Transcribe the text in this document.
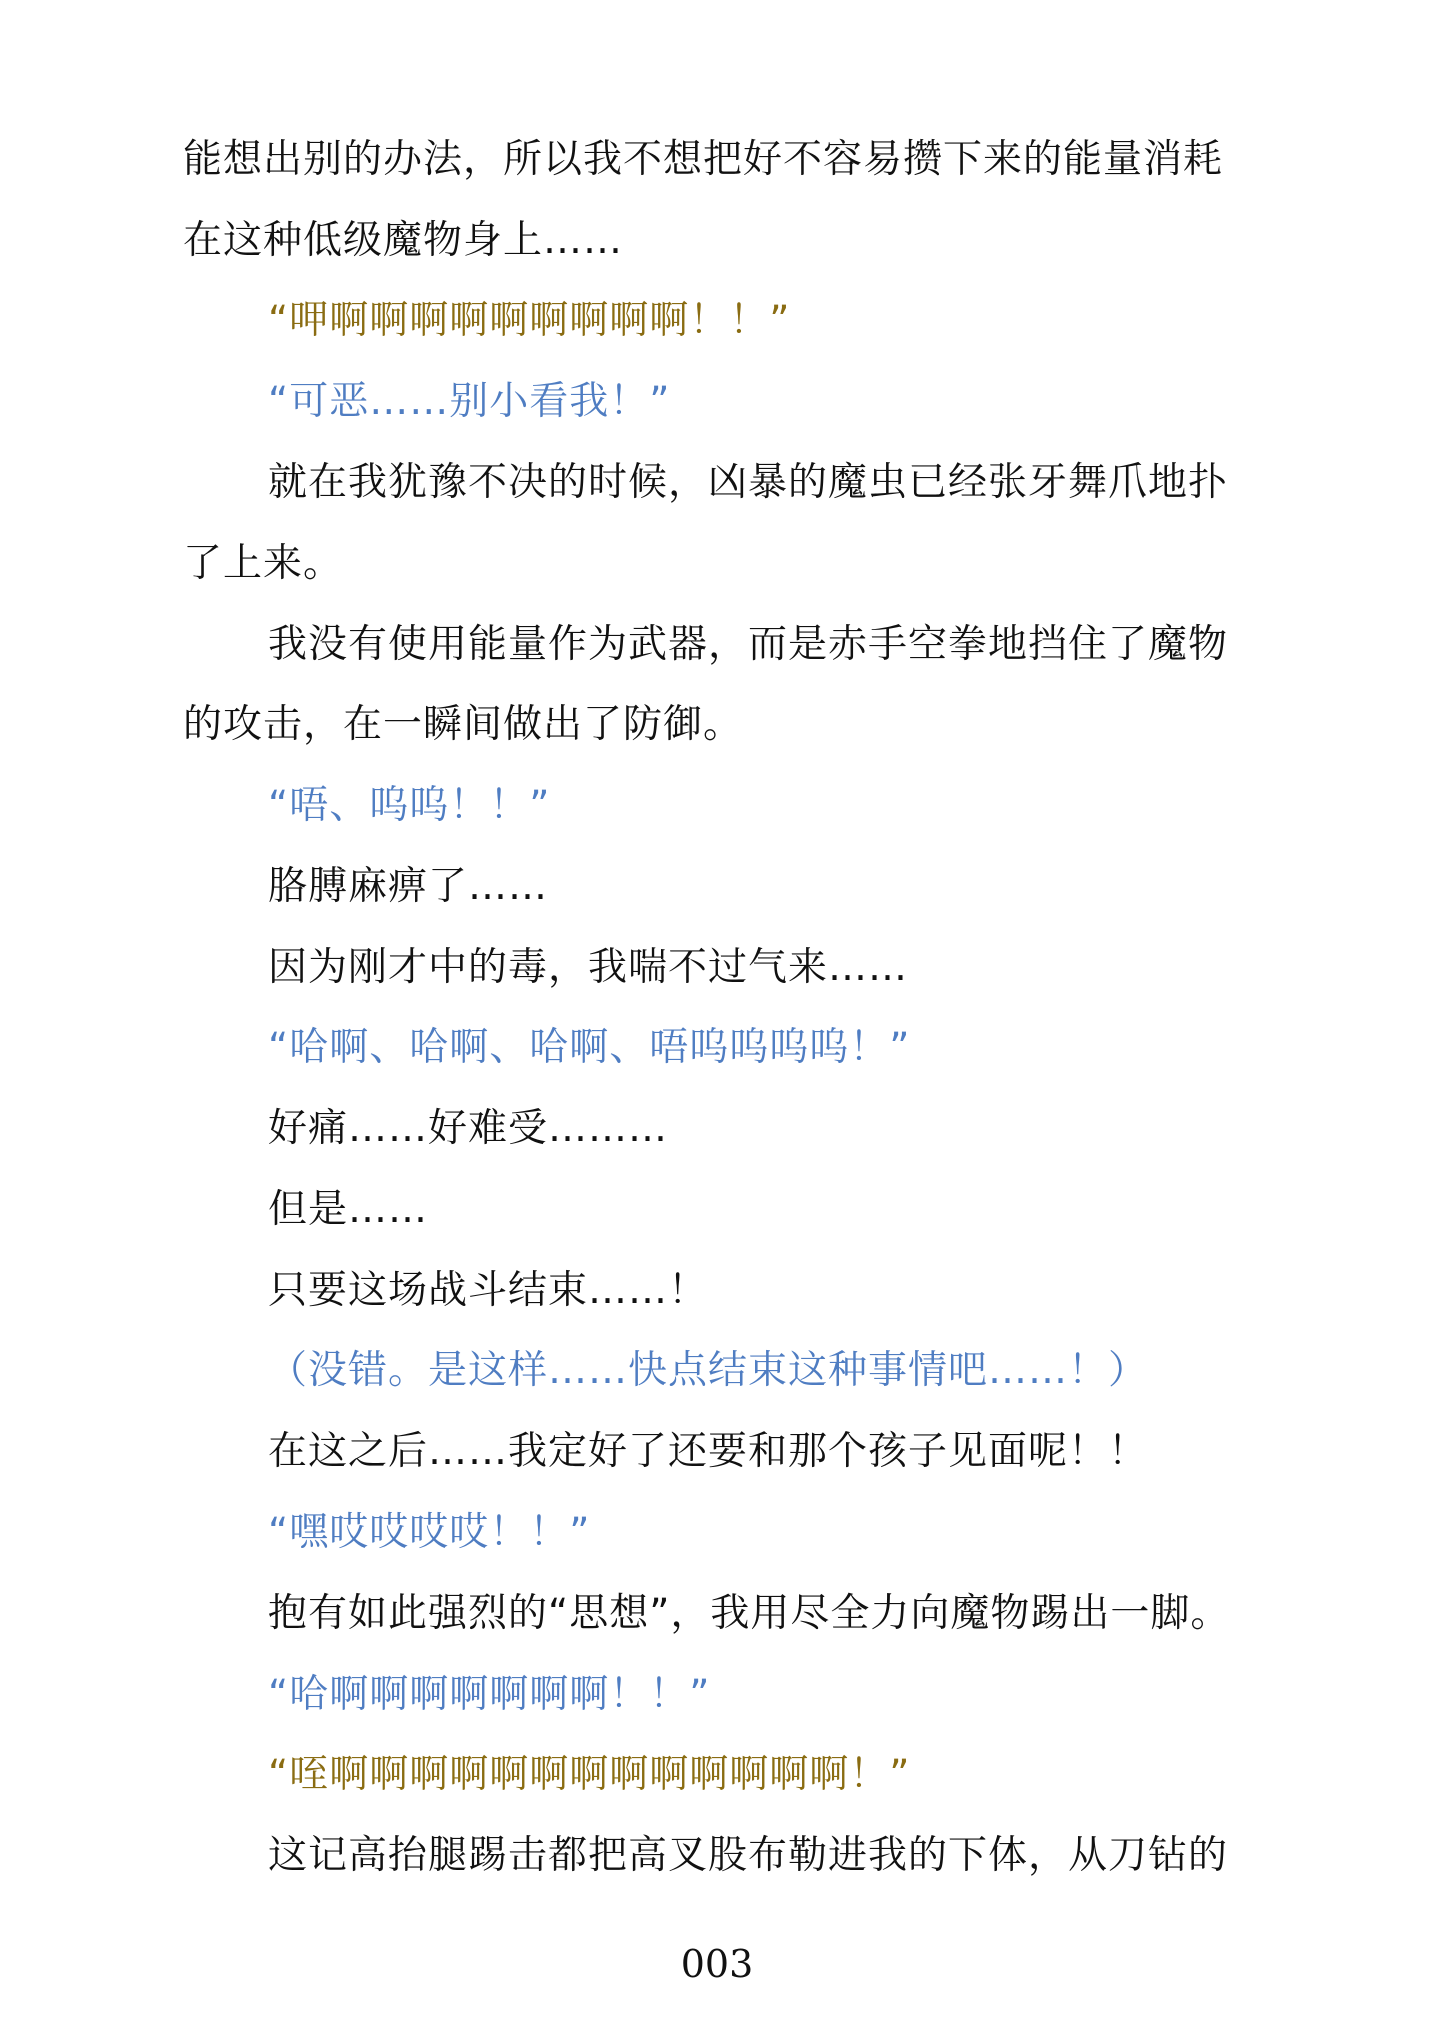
能想出别的办法，所以我不想把好不容易攒下来的能量消耗
在这种低级魔物身上……
“呷啊啊啊啊啊啊啊啊啊！！”
“可恶……别小看我！”
就在我犹豫不决的时候，凶暴的魔虫已经张牙舞爪地扑
了上来。
我没有使用能量作为武器，而是赤手空拳地挡住了魔物
的攻击，在一瞬间做出了防御。
“唔、呜呜！！”
胳膊麻痹了……
因为刚才中的毒，我喘不过气来……
“哈啊、哈啊、哈啊、唔呜呜呜呜！”
好痛……好难受………
但是……
只要这场战斗结束……！
（没错。是这样……快点结束这种事情吧……！）
在这之后……我定好了还要和那个孩子见面呢！！
“嘿哎哎哎哎！！”
抱有如此强烈的“思想”，我用尽全力向魔物踢出一脚。
“哈啊啊啊啊啊啊啊！！”
“咥啊啊啊啊啊啊啊啊啊啊啊啊啊！”
这记高抬腿踢击都把高叉股布勒进我的下体，从刀钻的
003
